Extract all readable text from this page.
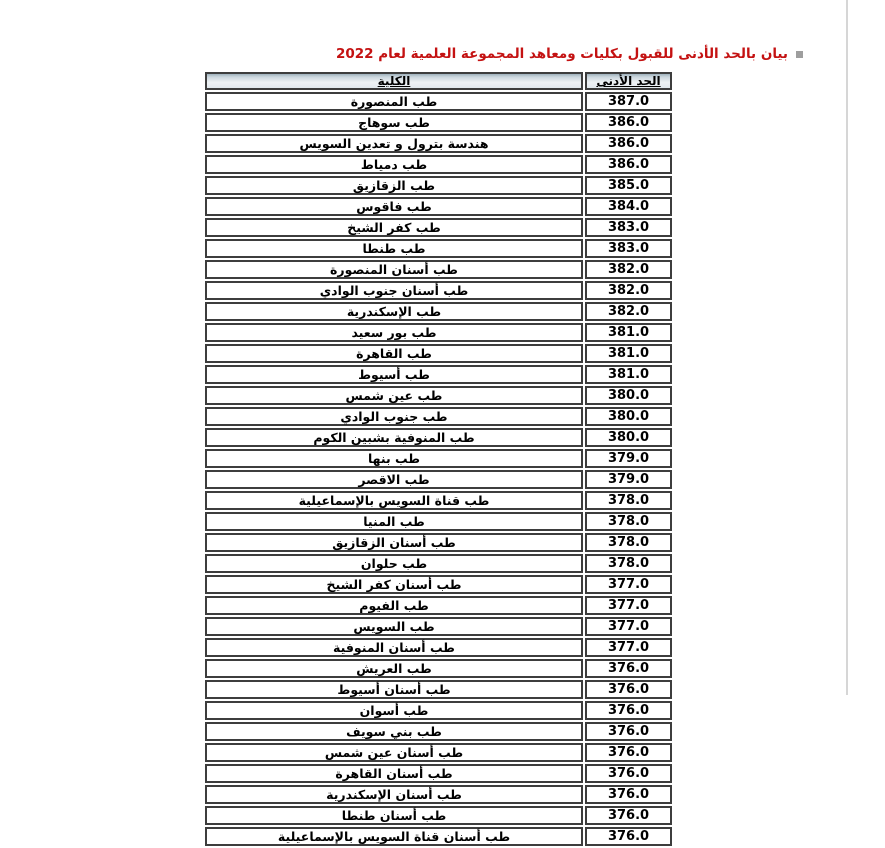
بيان بالحد الأدنى للقبول بكليات ومعاهد المجموعة العلمية لعام 2022
الحد الأدنى	الكلية
387.0	طب المنصورة
386.0	طب سوهاج
386.0	هندسة بترول و تعدين السويس
386.0	طب دمياط
385.0	طب الزقازيق
384.0	طب فاقوس
383.0	طب كفر الشيخ
383.0	طب طنطا
382.0	طب أسنان المنصورة
382.0	طب أسنان جنوب الوادي
382.0	طب الإسكندرية
381.0	طب بور سعيد
381.0	طب القاهرة
381.0	طب أسيوط
380.0	طب عين شمس
380.0	طب جنوب الوادي
380.0	طب المنوفية بشبين الكوم
379.0	طب بنها
379.0	طب الاقصر
378.0	طب قناة السويس بالإسماعيلية
378.0	طب المنيا
378.0	طب أسنان الزقازيق
378.0	طب حلوان
377.0	طب أسنان كفر الشيخ
377.0	طب الفيوم
377.0	طب السويس
377.0	طب أسنان المنوفية
376.0	طب العريش
376.0	طب أسنان أسيوط
376.0	طب أسوان
376.0	طب بني سويف
376.0	طب أسنان عين شمس
376.0	طب أسنان القاهرة
376.0	طب أسنان الإسكندرية
376.0	طب أسنان طنطا
376.0	طب أسنان قناة السويس بالإسماعيلية
